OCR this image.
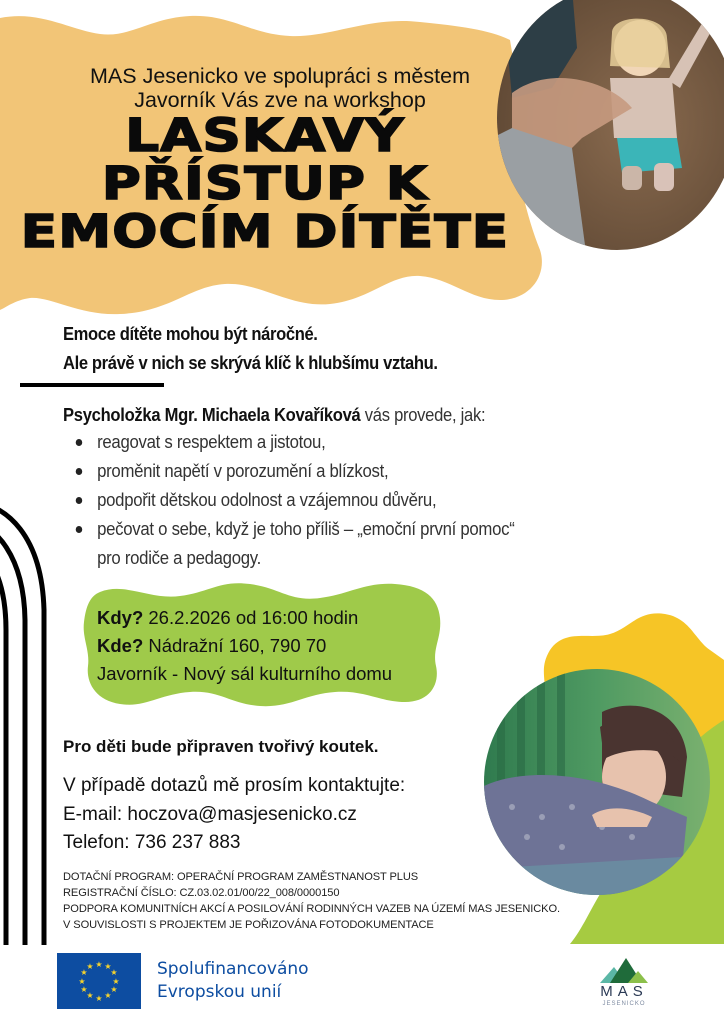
MAS Jesenicko ve spolupráci s městem
Javorník Vás zve na workshop
LASKAVÝ
PŘÍSTUP K
EMOCÍM DÍTĚTE
Emoce dítěte mohou být náročné.
Ale právě v nich se skrývá klíč k hlubšímu vztahu.
Psycholožka Mgr. Michaela Kovaříková vás provede, jak:
reagovat s respektem a jistotou,
proměnit napětí v porozumění a blízkost,
podpořit dětskou odolnost a vzájemnou důvěru,
pečovat o sebe, když je toho příliš – „emoční první pomoc“
pro rodiče a pedagogy.
Kdy? 26.2.2026 od 16:00 hodin
Kde? Nádražní 160, 790 70
Javorník - Nový sál kulturního domu
Pro děti bude připraven tvořivý koutek.
V případě dotazů mě prosím kontaktujte:
E-mail: hoczova@masjesenicko.cz
Telefon: 736 237 883
DOTAČNÍ PROGRAM: OPERAČNÍ PROGRAM ZAMĚSTNANOST PLUS
REGISTRAČNÍ ČÍSLO: CZ.03.02.01/00/22_008/0000150
PODPORA KOMUNITNÍCH AKCÍ A POSILOVÁNÍ RODINNÝCH VAZEB NA ÚZEMÍ MAS JESENICKO.
V SOUVISLOSTI S PROJEKTEM JE POŘIZOVÁNA FOTODOKUMENTACE
★ ★
★
★
★
★
★
★
★
★
★
★	Spolufinancováno
Evropskou unií	MAS
JESENICKO
